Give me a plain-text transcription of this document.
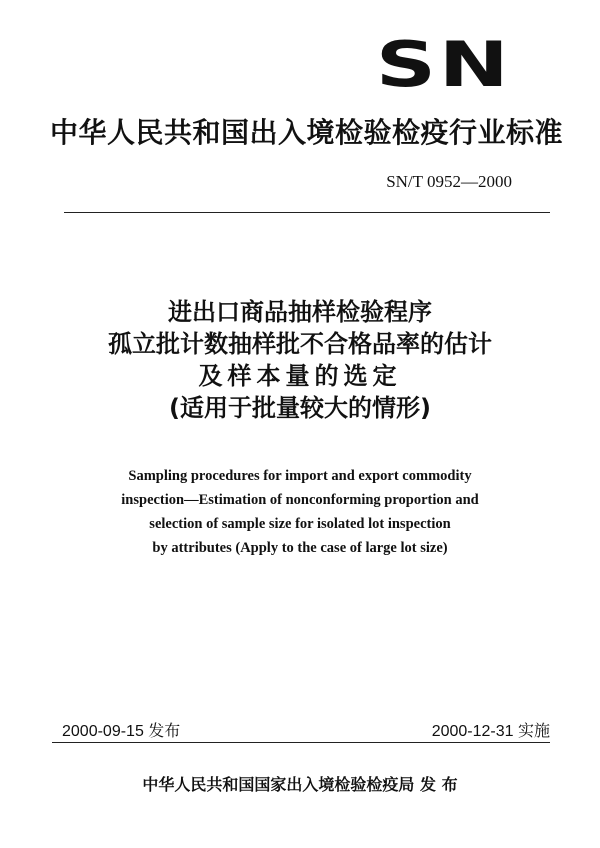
SN
中华人民共和国出入境检验检疫行业标准
SN/T 0952—2000
进出口商品抽样检验程序
孤立批计数抽样批不合格品率的估计
及样本量的选定
(适用于批量较大的情形)
Sampling procedures for import and export commodity
inspection—Estimation of nonconforming proportion and
selection of sample size for isolated lot inspection
by attributes (Apply to the case of large lot size)
2000-09-15 发布	2000-12-31 实施
中华人民共和国国家出入境检验检疫局 发 布
